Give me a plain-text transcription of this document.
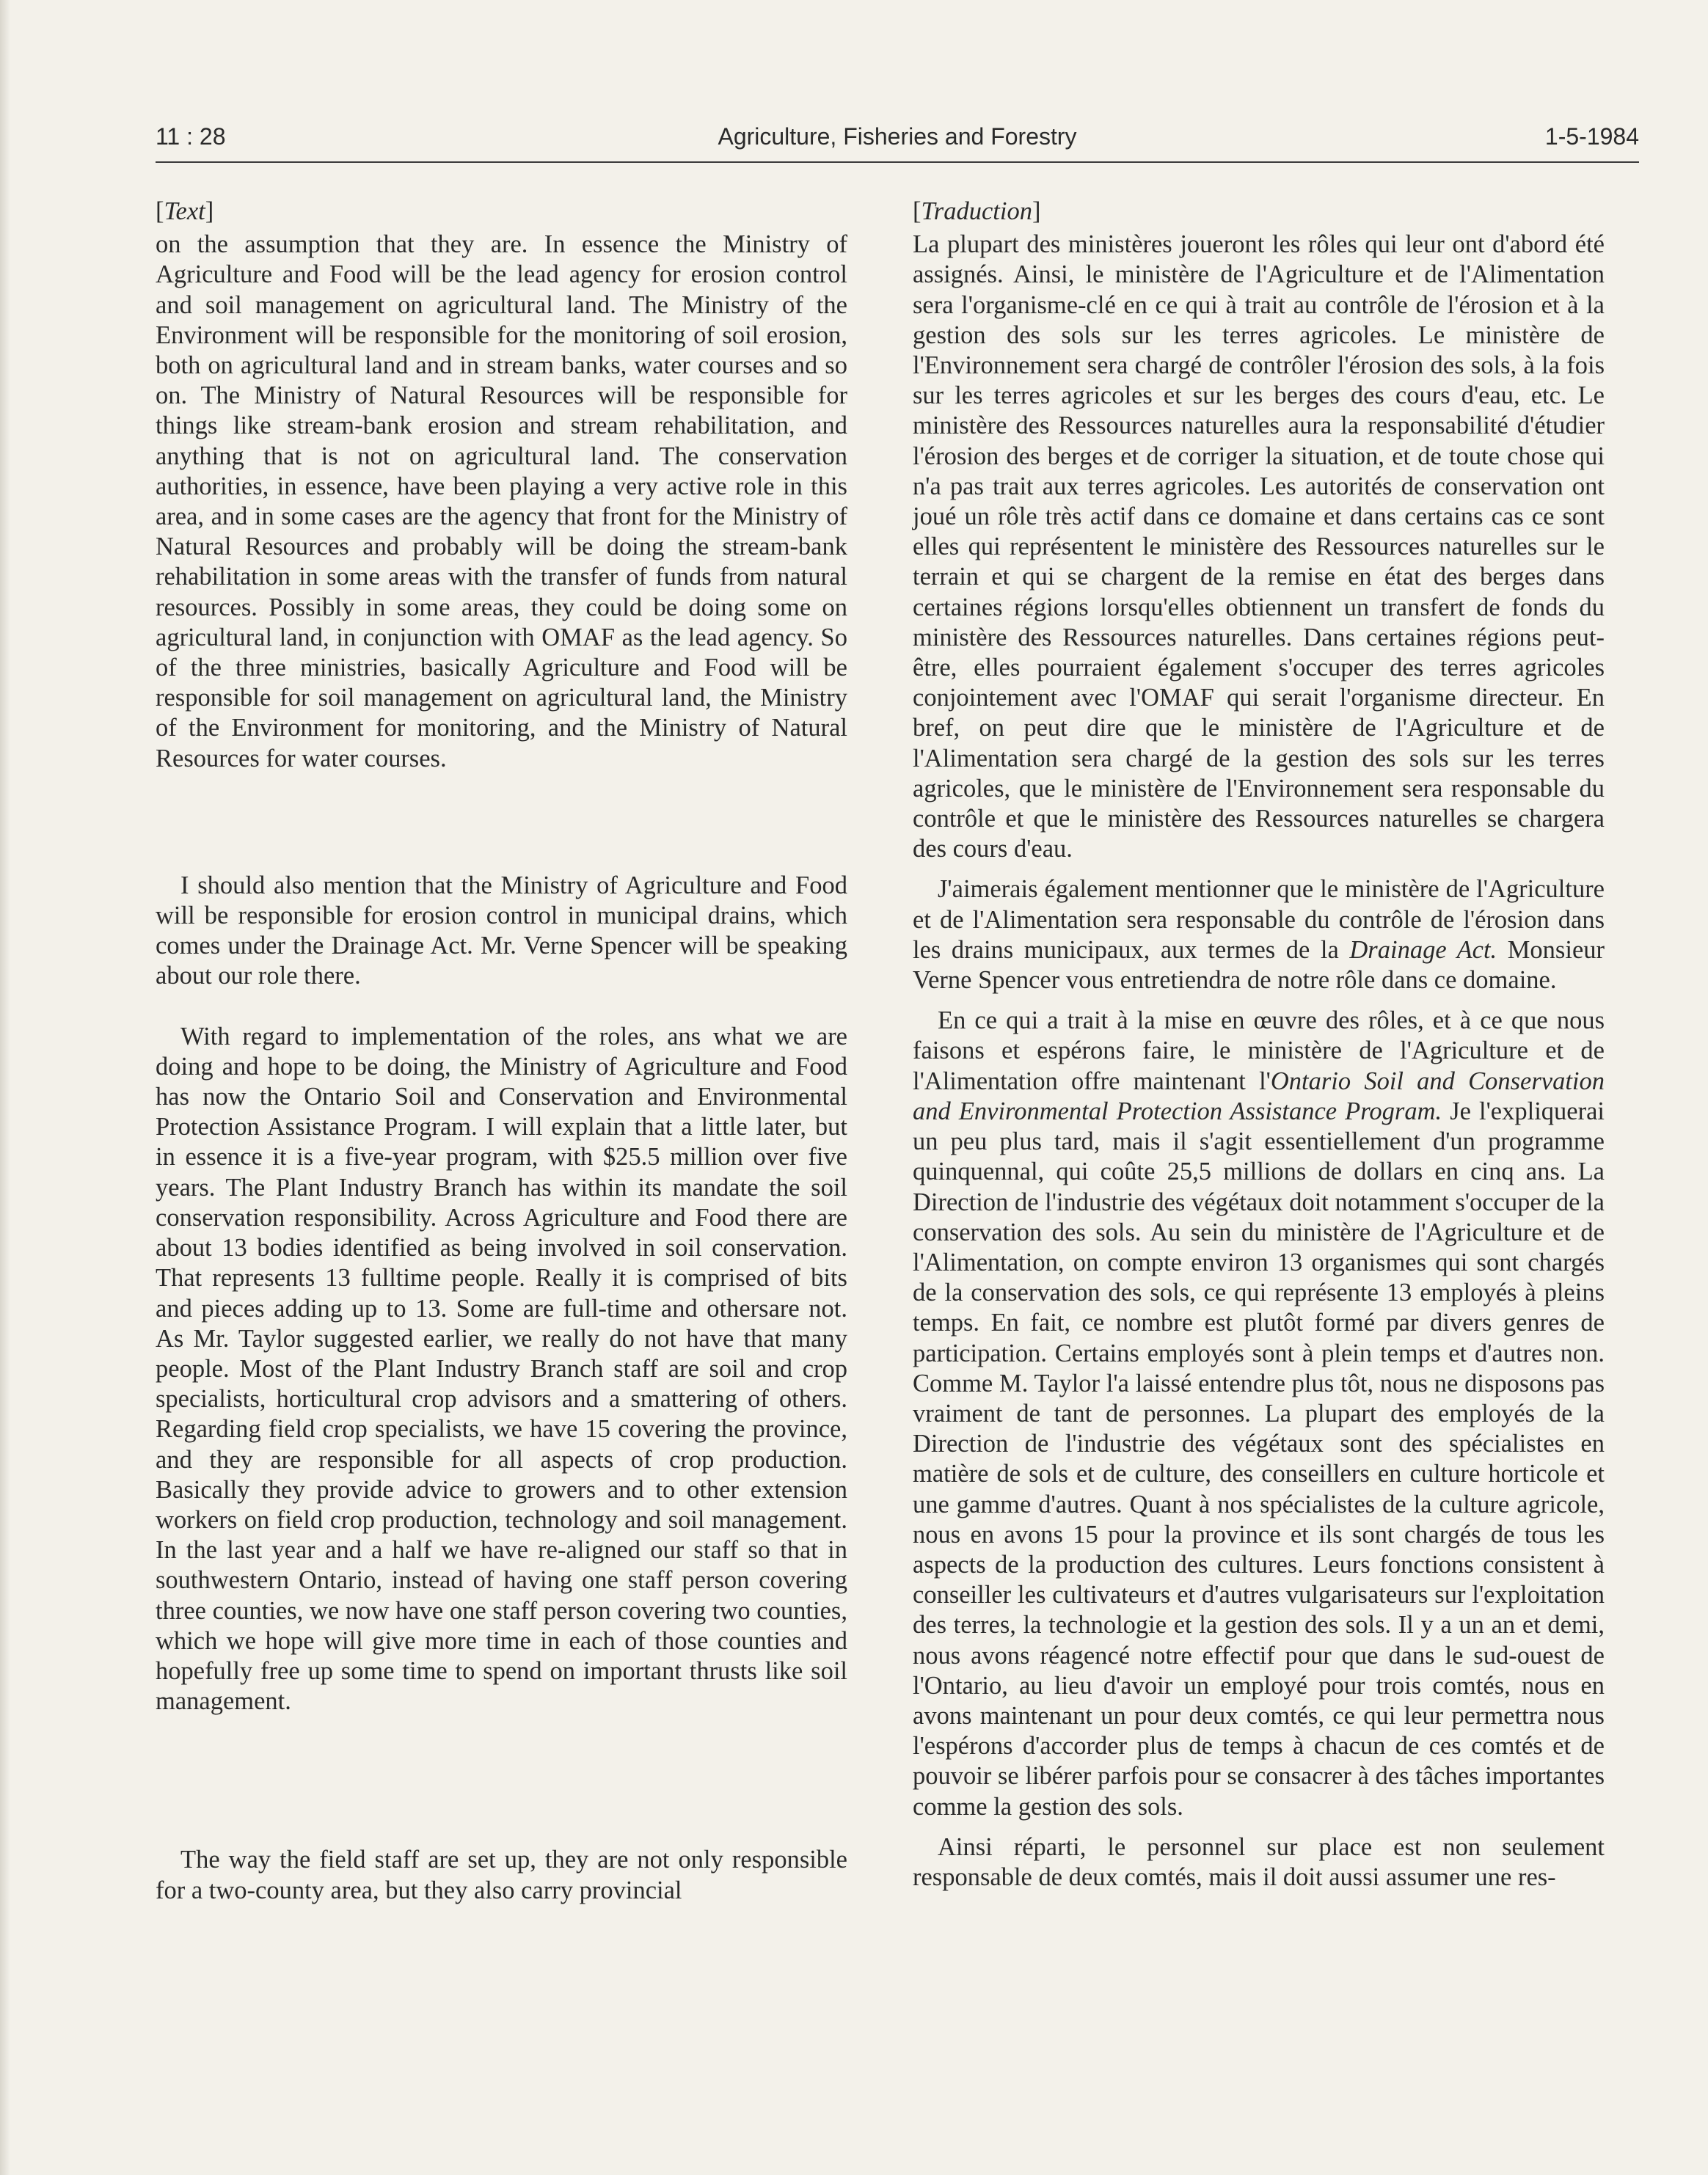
11 : 28	Agriculture, Fisheries and Forestry	1-5-1984
[Text]

on the assumption that they are. In essence the Ministry of Agriculture and Food will be the lead agency for erosion control and soil management on agricultural land. The Ministry of the Environment will be responsible for the monitoring of soil erosion, both on agricultural land and in stream banks, water courses and so on. The Ministry of Natural Resources will be responsible for things like stream-bank erosion and stream rehabilitation, and anything that is not on agricultural land. The conservation authorities, in essence, have been playing a very active role in this area, and in some cases are the agency that front for the Ministry of Natural Resources and probably will be doing the stream-bank rehabilitation in some areas with the transfer of funds from natural resources. Possibly in some areas, they could be doing some on agricultural land, in conjunction with OMAF as the lead agency. So of the three ministries, basically Agriculture and Food will be responsible for soil management on agricultural land, the Ministry of the Environment for monitoring, and the Ministry of Natural Resources for water courses.

I should also mention that the Ministry of Agriculture and Food will be responsible for erosion control in municipal drains, which comes under the Drainage Act. Mr. Verne Spencer will be speaking about our role there.

With regard to implementation of the roles, ans what we are doing and hope to be doing, the Ministry of Agriculture and Food has now the Ontario Soil and Conservation and Environmental Protection Assistance Program. I will explain that a little later, but in essence it is a five-year program, with $25.5 million over five years. The Plant Industry Branch has within its mandate the soil conservation responsibility. Across Agriculture and Food there are about 13 bodies identified as being involved in soil conservation. That represents 13 fulltime people. Really it is comprised of bits and pieces adding up to 13. Some are full-time and othersare not. As Mr. Taylor suggested earlier, we really do not have that many people. Most of the Plant Industry Branch staff are soil and crop specialists, horticultural crop advisors and a smattering of others. Regarding field crop specialists, we have 15 covering the province, and they are responsible for all aspects of crop production. Basically they provide advice to growers and to other extension workers on field crop production, technology and soil management. In the last year and a half we have re-aligned our staff so that in southwestern Ontario, instead of having one staff person covering three counties, we now have one staff person covering two counties, which we hope will give more time in each of those counties and hopefully free up some time to spend on important thrusts like soil management.

The way the field staff are set up, they are not only responsible for a two-county area, but they also carry provincial

[Traduction]

La plupart des ministères joueront les rôles qui leur ont d'abord été assignés. Ainsi, le ministère de l'Agriculture et de l'Alimentation sera l'organisme-clé en ce qui à trait au contrôle de l'érosion et à la gestion des sols sur les terres agricoles. Le ministère de l'Environnement sera chargé de contrôler l'érosion des sols, à la fois sur les terres agricoles et sur les berges des cours d'eau, etc. Le ministère des Ressources naturelles aura la responsabilité d'étudier l'érosion des berges et de corriger la situation, et de toute chose qui n'a pas trait aux terres agricoles. Les autorités de conservation ont joué un rôle très actif dans ce domaine et dans certains cas ce sont elles qui représentent le ministère des Ressources naturelles sur le terrain et qui se chargent de la remise en état des berges dans certaines régions lorsqu'elles obtiennent un transfert de fonds du ministère des Ressources naturelles. Dans certaines régions peut-être, elles pourraient également s'occuper des terres agricoles conjointement avec l'OMAF qui serait l'organisme directeur. En bref, on peut dire que le ministère de l'Agriculture et de l'Alimentation sera chargé de la gestion des sols sur les terres agricoles, que le ministère de l'Environnement sera responsable du contrôle et que le ministère des Ressources naturelles se chargera des cours d'eau.

J'aimerais également mentionner que le ministère de l'Agriculture et de l'Alimentation sera responsable du contrôle de l'érosion dans les drains municipaux, aux termes de la Drainage Act. Monsieur Verne Spencer vous entretiendra de notre rôle dans ce domaine.

En ce qui a trait à la mise en œuvre des rôles, et à ce que nous faisons et espérons faire, le ministère de l'Agriculture et de l'Alimentation offre maintenant l'Ontario Soil and Conservation and Environmental Protection Assistance Program. Je l'expliquerai un peu plus tard, mais il s'agit essentiellement d'un programme quinquennal, qui coûte 25,5 millions de dollars en cinq ans. La Direction de l'industrie des végétaux doit notamment s'occuper de la conservation des sols. Au sein du ministère de l'Agriculture et de l'Alimentation, on compte environ 13 organismes qui sont chargés de la conservation des sols, ce qui représente 13 employés à pleins temps. En fait, ce nombre est plutôt formé par divers genres de participation. Certains employés sont à plein temps et d'autres non. Comme M. Taylor l'a laissé entendre plus tôt, nous ne disposons pas vraiment de tant de personnes. La plupart des employés de la Direction de l'industrie des végétaux sont des spécialistes en matière de sols et de culture, des conseillers en culture horticole et une gamme d'autres. Quant à nos spécialistes de la culture agricole, nous en avons 15 pour la province et ils sont chargés de tous les aspects de la production des cultures. Leurs fonctions consistent à conseiller les cultivateurs et d'autres vulgarisateurs sur l'exploitation des terres, la technologie et la gestion des sols. Il y a un an et demi, nous avons réagencé notre effectif pour que dans le sud-ouest de l'Ontario, au lieu d'avoir un employé pour trois comtés, nous en avons maintenant un pour deux comtés, ce qui leur permettra nous l'espérons d'accorder plus de temps à chacun de ces comtés et de pouvoir se libérer parfois pour se consacrer à des tâches importantes comme la gestion des sols.

Ainsi réparti, le personnel sur place est non seulement responsable de deux comtés, mais il doit aussi assumer une res-
